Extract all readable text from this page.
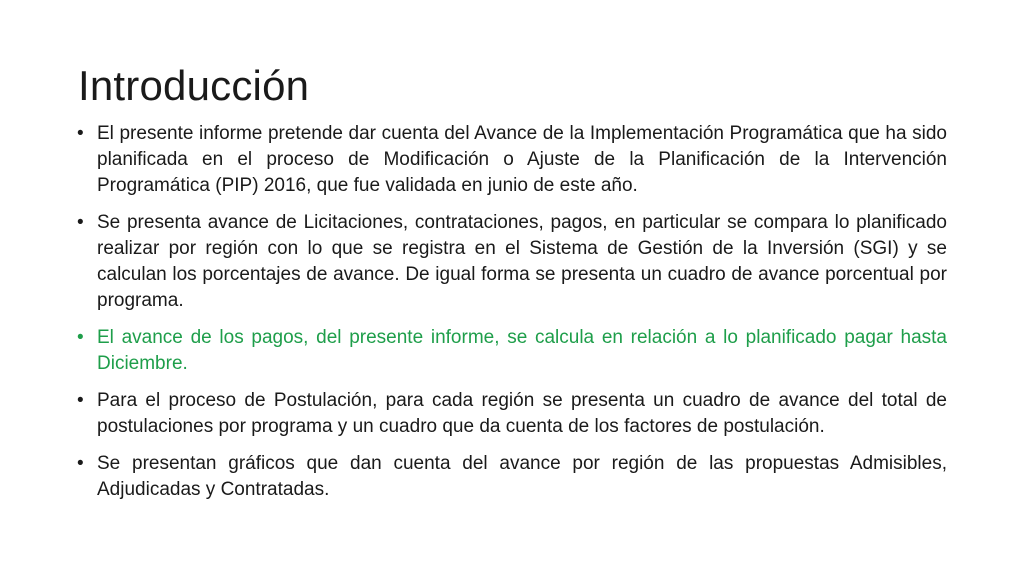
Introducción
• El presente informe pretende dar cuenta del Avance de la Implementación Programática que ha sido planificada en el proceso de Modificación o Ajuste de la Planificación de la Intervención Programática (PIP) 2016, que fue validada en junio de este año.
• Se presenta avance de Licitaciones, contrataciones, pagos, en particular se compara lo planificado realizar por región con lo que se registra en el Sistema de Gestión de la Inversión (SGI) y se calculan los porcentajes de avance. De igual forma se presenta un cuadro de avance porcentual por programa.
• El avance de los pagos, del presente informe, se calcula en relación a lo planificado pagar hasta Diciembre.
• Para el proceso de Postulación, para cada región se presenta un cuadro de avance del total de postulaciones por programa y un cuadro que da cuenta de los factores de postulación.
• Se presentan gráficos que dan cuenta del avance por región de las propuestas Admisibles, Adjudicadas y Contratadas.
